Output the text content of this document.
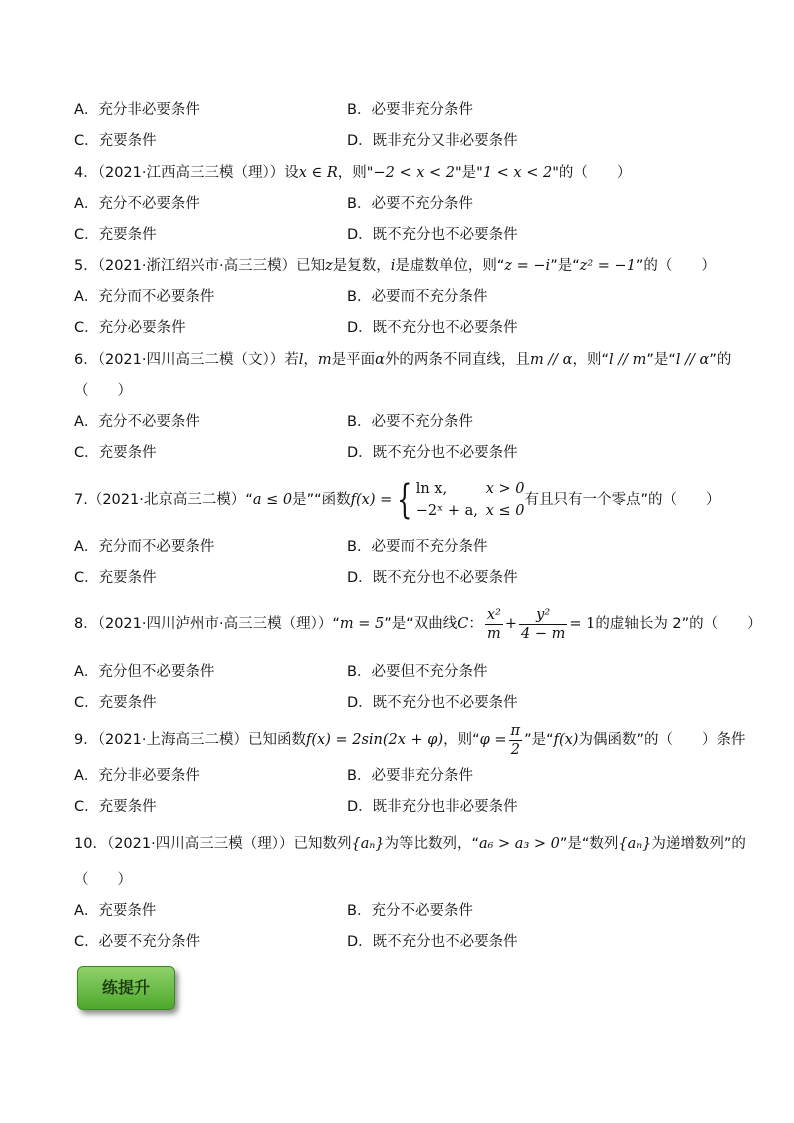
A．充分非必要条件	B．必要非充分条件
C．充要条件	D．既非充分又非必要条件
4．（2021·江西高三三模（理））设x ∈ R，则"−2 < x < 2"是"1 < x < 2"的（　　）
A．充分不必要条件	B．必要不充分条件
C．充要条件	D．既不充分也不必要条件
5．（2021·浙江绍兴市·高三三模）已知z是复数，i是虚数单位，则“z = −i”是“z² = −1”的（　　）
A．充分而不必要条件	B．必要而不充分条件
C．充分必要条件	D．既不充分也不必要条件
6．（2021·四川高三二模（文））若l，m是平面α外的两条不同直线，且m // α，则“l // m”是“l // α”的
（　　）
A．充分不必要条件	B．必要不充分条件
C．充要条件	D．既不充分也不必要条件
7.（2021·北京高三二模）“a ≤ 0是”“函数f(x) = { ln x,	x > 0
−2ˣ + a, x ≤ 0
有且只有一个零点”的（　　）
A．充分而不必要条件	B．必要而不充分条件
C．充要条件	D．既不充分也不必要条件
8．（2021·四川泸州市·高三三模（理））“m = 5”是“双曲线C： $\frac{\text{x²}}{m} + \frac{\text{y²}}{4 - m} = 1$的虚轴长为 2”的（　　）
A．充分但不必要条件	B．必要但不充分条件
C．充要条件	D．既不充分也不必要条件
9．（2021·上海高三二模）已知函数f(x) = 2sin(2x + φ)，则“$\varphi = \frac{\pi}{2}$ ”是“f(x)为偶函数”的（　　）条件
A．充分非必要条件	B．必要非充分条件
C．充要条件	D．既非充分也非必要条件
10．（2021·四川高三三模（理））已知数列{aₙ}为等比数列，“a₆ > a₃ > 0”是“数列{aₙ}为递增数列”的
（　　）
A．充要条件	B．充分不必要条件
C．必要不充分条件	D．既不充分也不必要条件
练提升
